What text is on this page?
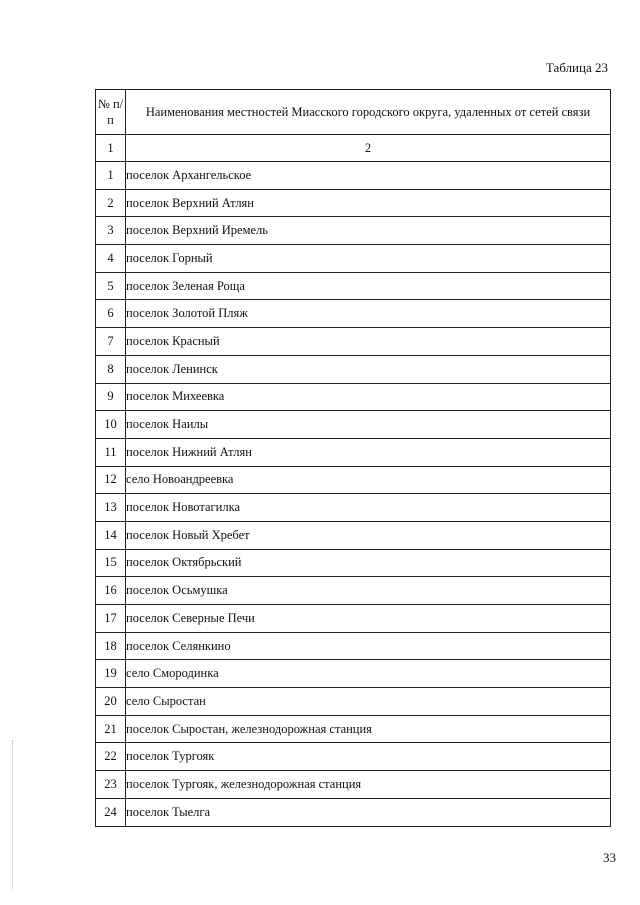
Таблица 23
№ п/п	Наименования местностей Миасского городского округа, удаленных от сетей связи
1	2
1	поселок Архангельское
2	поселок Верхний Атлян
3	поселок Верхний Иремель
4	поселок Горный
5	поселок Зеленая Роща
6	поселок Золотой Пляж
7	поселок Красный
8	поселок Ленинск
9	поселок Михеевка
10	поселок Наилы
11	поселок Нижний Атлян
12	село Новоандреевка
13	поселок Новотагилка
14	поселок Новый Хребет
15	поселок Октябрьский
16	поселок Осьмушка
17	поселок Северные Печи
18	поселок Селянкино
19	село Смородинка
20	село Сыростан
21	поселок Сыростан, железнодорожная станция
22	поселок Тургояк
23	поселок Тургояк, железнодорожная станция
24	поселок Тыелга
33
